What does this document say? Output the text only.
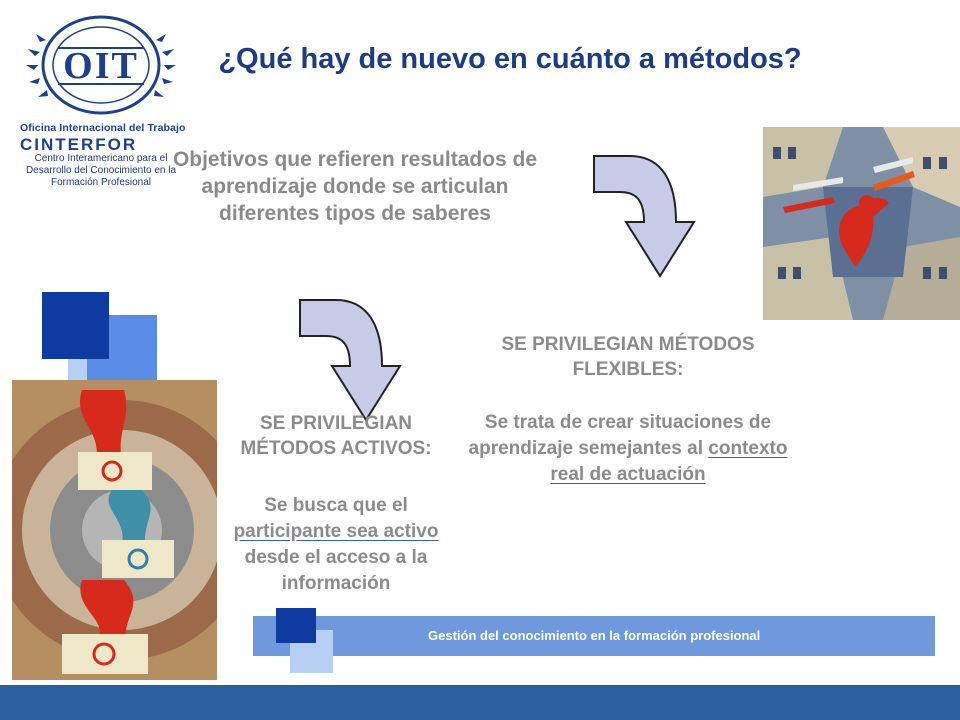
OIT
Oficina Internacional del Trabajo
CINTERFOR
Centro Interamericano para el Desarrollo del Conocimiento en la Formación Profesional
¿Qué hay de nuevo en cuánto a métodos?
Objetivos que refieren resultados de aprendizaje donde se articulan diferentes tipos de saberes
SE PRIVILEGIAN MÉTODOS ACTIVOS:
Se busca que el
participante sea activo
desde el acceso a la información
SE PRIVILEGIAN MÉTODOS FLEXIBLES:
Se trata de crear situaciones de aprendizaje semejantes al contexto real de actuación
Gestión del conocimiento en la formación profesional
